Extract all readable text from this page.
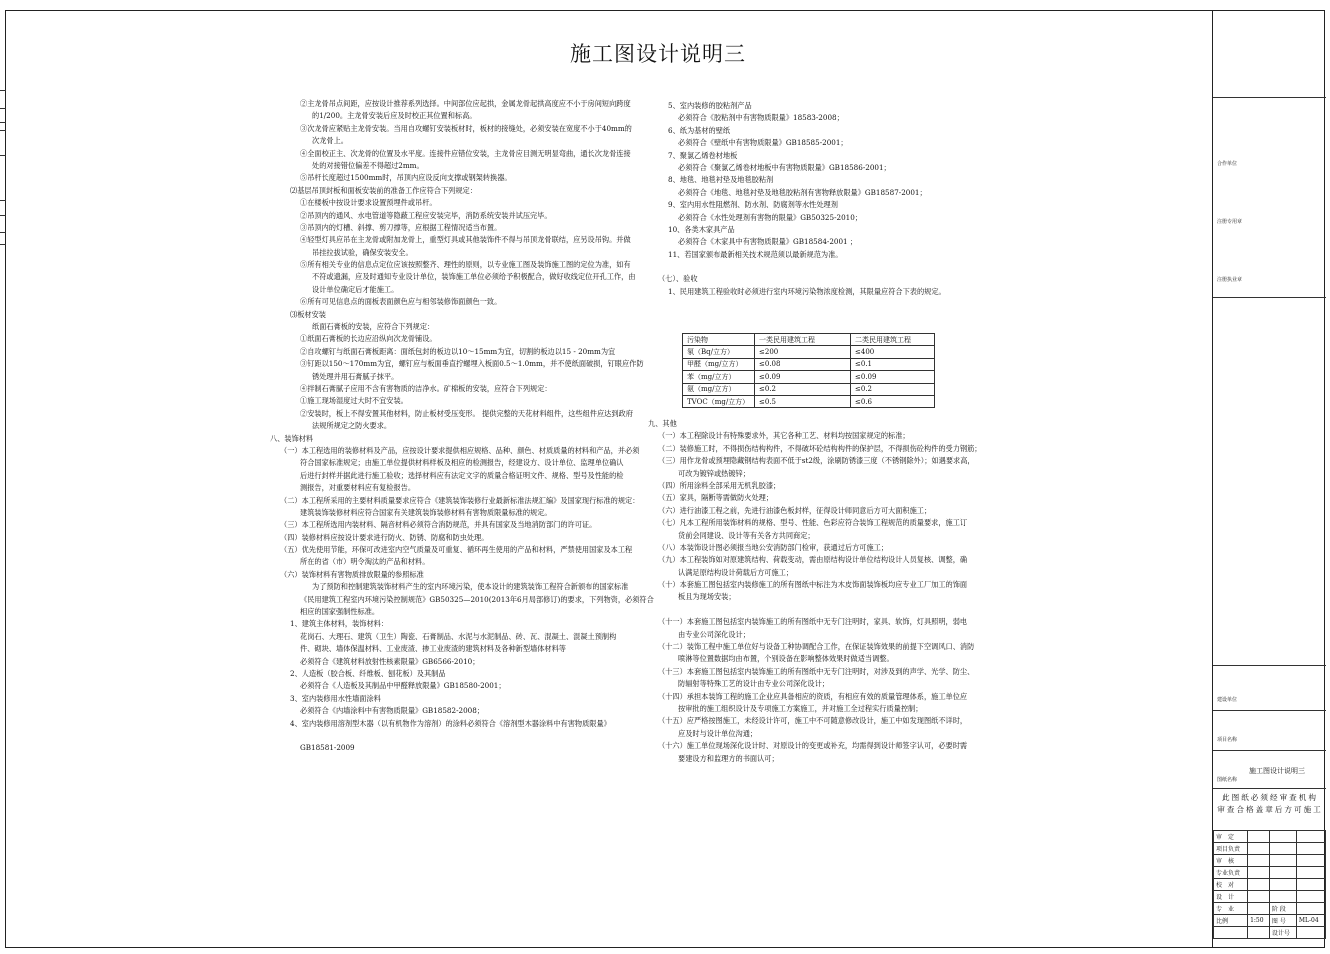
施工图设计说明三
②主龙骨吊点间距，应按设计推荐系列选择。中间部位应起拱，金属龙骨起拱高度应不小于房间短向跨度
的1/200。主龙骨安装后应及时校正其位置和标高。
③次龙骨应紧贴主龙骨安装。当用自攻螺钉安装板材时，板材的接缝处，必须安装在宽度不小于40mm的
次龙骨上。
④全面校正主、次龙骨的位置及水平度。连接件应错位安装，主龙骨应目测无明显弯曲，通长次龙骨连接
处的对接错位偏差不得超过2mm。
⑤吊杆长度超过1500mm时，吊顶内应设反向支撑或钢架转换器。
⑵基层吊顶封板和面板安装前的准备工作应符合下列规定：
①在楼板中按设计要求设置预埋件或吊杆。
②吊顶内的通风、水电管道等隐蔽工程应安装完毕，消防系统安装并试压完毕。
③吊顶内的灯槽、斜撑、剪刀撑等，应根据工程情况适当布置。
④轻型灯具应吊在主龙骨或附加龙骨上，重型灯具或其他装饰件不得与吊顶龙骨联结，应另设吊钩。并做
吊挂拉拔试验，确保安装安全。
⑤所有相关专业的信息点定位应该按照整齐、理性的原则，以专业施工图及装饰施工图的定位为准，如有
不符或遗漏，应及时通知专业设计单位，装饰施工单位必须给予积极配合，做好收线定位开孔工作，由
设计单位确定后才能施工。
⑥所有可见信息点的面板表面颜色应与相邻装修饰面颜色一致。
⑶板材安装
纸面石膏板的安装，应符合下列规定：
①纸面石膏板的长边应沿纵向次龙骨铺设。
②自攻螺钉与纸面石膏板距离：面纸包封的板边以10～15mm为宜，切割的板边以15 - 20mm为宜
③钉距以150～170mm为宜，螺钉应与板面垂直拧螺埋入板面0.5～1.0mm，并不使纸面破损，钉眼应作防
锈处理并用石膏腻子抹平。
④拌制石膏腻子应用不含有害物质的洁净水。矿棉板的安装，应符合下列规定：
①施工现场湿度过大时不宜安装。
②安装时，板上不得安置其他材料，防止板材受压变形。 提供完整的天花材料组件，这些组件应达到政府
法规所规定之防火要求。
八、装饰材料
（一）本工程选用的装修材料及产品，应按设计要求提供相应规格、品种、颜色、材质质量的材料和产品，并必须
符合国家标准规定；由施工单位提供材料样板及相应的检测报告，经建设方、设计单位、监理单位确认
后进行封样并据此进行施工验收；选择材料应有法定文字的质量合格证明文件、规格、型号及性能的检
测报告，对重要材料应有复检报告。
（二）本工程所采用的主要材料质量要求应符合《建筑装饰装修行业最新标准法规汇编》及国家现行标准的规定：
建筑装饰装修材料应符合国家有关建筑装饰装修材料有害物质限量标准的规定。
（三）本工程所选用内装材料、隔音材料必须符合消防规范，并具有国家及当地消防部门的许可证。
（四）装修材料应按设计要求进行防火、防锈、防腐和防虫处理。
（五）优先使用节能，环保可改进室内空气质量及可重复、循环再生使用的产品和材料，严禁使用国家及本工程
所在的省（市）明令淘汰的产品和材料。
（六）装饰材料有害物质排放限量的参照标准
为了预防和控制建筑装饰材料产生的室内环境污染，使本设计的建筑装饰工程符合新颁布的国家标准
《民用建筑工程室内环境污染控制规范》GB50325—2010(2013年6月局部修订)的要求，下列物资，必须符合
相应的国家强制性标准。
1、建筑主体材料，装饰材料：
花岗石、大理石、建筑（卫生）陶瓷、石膏制品、水泥与水泥制品、砖、瓦、混凝土、混凝土预制构
件、砌块、墙体保温材料、工业废渣、掺工业废渣的建筑材料及各种新型墙体材料等
必须符合《建筑材料放射性核素限量》GB6566-2010；
2、人造板（胶合板、纤维板、刨花板）及其制品
必须符合《人造板及其制品中甲醛释放限量》GB18580-2001；
3、室内装修用水性墙面涂料
必须符合《内墙涂料中有害物质限量》GB18582-2008；
4、室内装修用溶剂型木器（以有机物作为溶剂）的涂料必须符合《溶剂型木器涂料中有害物质限量》
GB18581-2009
5、室内装修的胶粘剂产品
必须符合《胶粘剂中有害物质限量》18583-2008；
6、纸为基材的壁纸
必须符合《壁纸中有害物质限量》GB18585-2001；
7、聚氯乙烯卷材地板
必须符合《聚氯乙烯卷材地板中有害物质限量》GB18586-2001；
8、地毯、地毯衬垫及地毯胶粘剂
必须符合《地毯、地毯衬垫及地毯胶粘剂有害物释放限量》GB18587-2001；
9、室内用水性阻燃剂、防水剂、防腐剂等水性处理剂
必须符合《水性处理剂有害物的限量》GB50325-2010；
10、各类木家具产品
必须符合《木家具中有害物质限量》GB18584-2001 ；
11、若国家颁布最新相关技术规范须以最新规范为准。
（七）、验收
1、民用建筑工程验收时必须进行室内环境污染物浓度检测，其限量应符合下表的规定。
污染物	一类民用建筑工程	二类民用建筑工程
氡（Bq/立方）	≤200	≤400
甲醛（mg/立方）	≤0.08	≤0.1
苯（mg/立方）	≤0.09	≤0.09
氨（mg/立方）	≤0.2	≤0.2
TVOC（mg/立方）	≤0.5	≤0.6
九、其他
（一）本工程除设计有特殊要求外，其它各种工艺、材料均按国家规定的标准；
（二）装修施工时，不得损伤结构构件，不得破坏砼结构构件的保护层，不得损伤砼构件的受力钢筋；
（三）用作龙骨或预埋隐藏钢结构表面不低于st2级，涂刷防锈漆三度（不锈钢除外）；如遇要求高，
可改为镀锌或热镀锌；
（四）所用涂料全部采用无机乳胶漆；
（五）家具，隔断等需做防火处理；
（六）进行油漆工程之前，先进行油漆色板封样，征得设计师同意后方可大面积施工；
（七）凡本工程所用装饰材料的规格、型号、性能、色彩应符合装饰工程规范的质量要求，施工订
货前会同建设、设计等有关各方共同商定；
（八）本装饰设计图必须报当地公安消防部门检审，获通过后方可施工；
（九）本工程装饰如对原建筑结构、荷载变动，需由原结构设计单位结构设计人员复核、调整，确
认满足原结构设计荷载后方可施工；
（十）本套施工图包括室内装修施工的所有图纸中标注为木皮饰面装饰板均应专业工厂加工的饰面
板且为现场安装；
（十一）本套施工图包括室内装饰施工的所有图纸中无专门注明时，家具、软饰，灯具照明，弱电
由专业公司深化设计；
（十二）装饰工程中施工单位好与设备工种协调配合工作，在保证装饰效果的前提下空调风口、消防
喷淋等位置数据均由布置，个别设备在影响整体效果时做适当调整。
（十三）本套施工图包括室内装饰施工的所有图纸中无专门注明时，对涉及到的声学、光学、防尘、
防辐射等特殊工艺的设计由专业公司深化设计；
（十四）承担本装饰工程的施工企业应具备相应的资质，有相应有效的质量管理体系，施工单位应
按审批的施工组织设计及专项施工方案施工，并对施工全过程实行质量控制；
（十五）应严格按图施工，未经设计许可，施工中不可随意修改设计，施工中如发现图纸不详时，
应及时与设计单位沟通；
（十六）施工单位现场深化设计时、对原设计的变更或补充，均需得到设计师签字认可，必要时需
要建设方和监理方的书面认可；
合作单位
注册专用章
注册执业章
建设单位
项目名称
图纸名称
施工图设计说明三
此图纸必须经审查机构
审查合格盖章后方可施工
审　定			
项目负责			
审　核			
专业负责			
校　对			
设　计			
专　业		阶 段	
比例	1:50	图 号	ML-04
		设计号	
